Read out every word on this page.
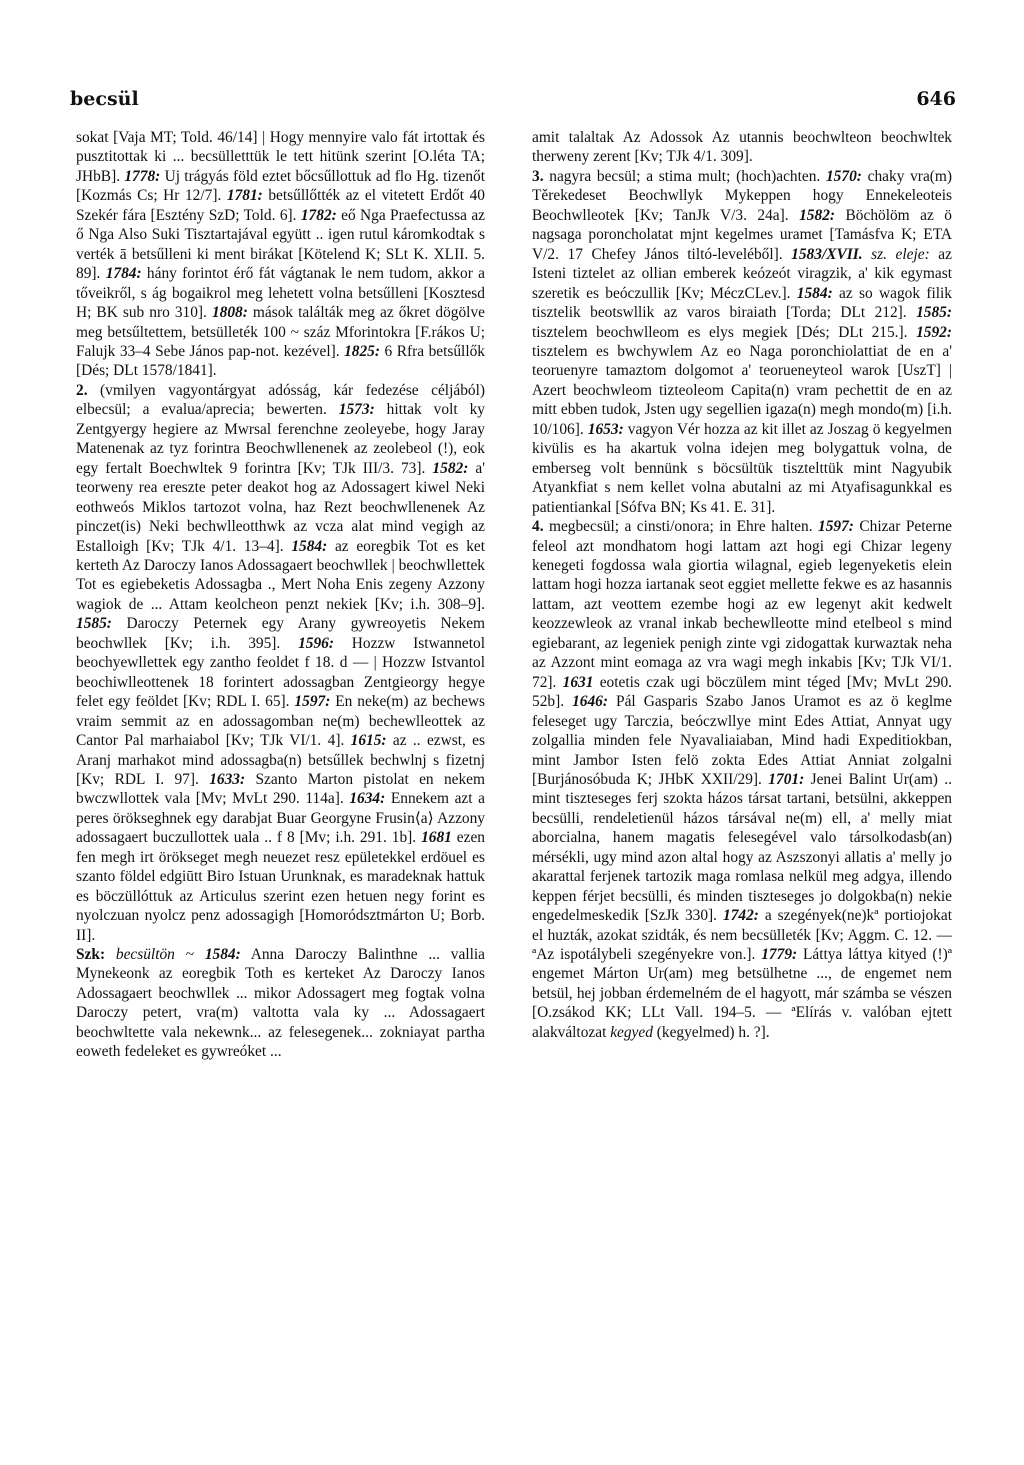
becsül	646

sokat [Vaja MT; Told. 46/14] | Hogy mennyire valo fát irtottak és pusztitottak ki ... becsülletttük le tett hitünk szerint [O.léta TA; JHbB]. 1778: Uj trágyás föld eztet bőcsűllottuk ad flo Hg. tizenőt [Kozmás Cs; Hr 12/7]. 1781: betsűllőtték az el vitetett Erdőt 40 Szekér fára [Esztény SzD; Told. 6]. 1782: eő Nga Praefectussa az ő Nga Also Suki Tisztartajával együtt .. igen rutul káromkodtak s verték ā betsűlleni ki ment birákat [Kötelend K; SLt K. XLII. 5. 89]. 1784: hány forintot érő fát vágtanak le nem tudom, akkor a tőveikről, s ág bogaikrol meg lehetett volna betsűlleni [Kosztesd H; BK sub nro 310]. 1808: mások találták meg az őkret dögölve meg betsűltettem, betsülleték 100 ~ száz Mforintokra [F.rákos U; Falujk 33–4 Sebe János pap-not. kezével]. 1825: 6 Rfra betsűllők [Dés; DLt 1578/1841].

2. (vmilyen vagyontárgyat adósság, kár fedezése céljából) elbecsül; a evalua/aprecia; bewerten. 1573: hittak volt ky Zentgyergy hegiere az Mwrsal ferenchne zeoleyebe, hogy Jaray Matenenak az tyz forintra Beochwllenenek az zeolebeol (!), eok egy fertalt Boechwltek 9 forintra [Kv; TJk III/3. 73]. 1582: a' teorweny rea ereszte peter deakot hog az Adossagert kiwel Neki eothweós Miklos tartozot volna, haz Rezt beochwllenenek Az pinczet(is) Neki bechwlleotthwk az vcza alat mind vegigh az Estalloigh [Kv; TJk 4/1. 13–4]. 1584: az eoregbik Tot es ket kerteth Az Daroczy Ianos Adossagaert beochwllek | beochwllettek Tot es egiebeketis Adossagba ., Mert Noha Enis zegeny Azzony wagiok de ... Attam keolcheon penzt nekiek [Kv; i.h. 308–9]. 1585: Daroczy Peternek egy Arany gywreoyetis Nekem beochwllek [Kv; i.h. 395]. 1596: Hozzw Istwannetol beochyewllettek egy zantho feoldet f 18. d — | Hozzw Istvantol beochiwlleottenek 18 forintert adossagban Zentgieorgy hegye felet egy feöldet [Kv; RDL I. 65]. 1597: En neke(m) az bechews vraim semmit az en adossagomban ne(m) bechewlleottek az Cantor Pal marhaiabol [Kv; TJk VI/1. 4]. 1615: az .. ezwst, es Aranj marhakot mind adossagba(n) betsűllek bechwlnj s fizetnj [Kv; RDL I. 97]. 1633: Szanto Marton pistolat en nekem bwczwllottek vala [Mv; MvLt 290. 114a]. 1634: Ennekem azt a peres örökseghnek egy darabjat Buar Georgyne Frusin⟨a⟩ Azzony adossagaert buczullottek uala .. f 8 [Mv; i.h. 291. 1b]. 1681 ezen fen megh irt örökseget megh neuezet resz epületekkel erdöuel es szanto földel edgiūtt Biro Istuan Urunknak, es maradeknak hattuk es böczüllóttuk az Articulus szerint ezen hetuen negy forint es nyolczuan nyolcz penz adossagigh [Homoródsztmárton U; Borb. II].

Szk: becsültön ~ 1584: Anna Daroczy Balinthne ... vallia Mynekeonk az eoregbik Toth es kerteket Az Daroczy Ianos Adossagaert beochwllek ... mikor Adossagert meg fogtak volna Daroczy petert, vra(m) valtotta vala ky ... Adossagaert beochwltette vala nekewnk... az felesegenek... zokniayat partha eoweth fedeleket es gywreóket ...

amit talaltak Az Adossok Az utannis beochwlteon beochwltek therweny zerent [Kv; TJk 4/1. 309].

3. nagyra becsül; a stima mult; (hoch)achten. 1570: chaky vra(m) Těrekedeset Beochwllyk Mykeppen hogy Ennekeleoteis Beochwlleotek [Kv; TanJk V/3. 24a]. 1582: Böchölöm az ö nagsaga poroncholatat mjnt kegelmes uramet [Tamásfva K; ETA V/2. 17 Chefey János tiltó-leveléből]. 1583/XVII. sz. eleje: az Isteni tiztelet az ollian emberek keózeót viragzik, a' kik egymast szeretik es beóczullik [Kv; MéczCLev.]. 1584: az so wagok filik tisztelik beotswllik az varos biraiath [Torda; DLt 212]. 1585: tisztelem beochwlleom es elys megiek [Dés; DLt 215.]. 1592: tisztelem es bwchywlem Az eo Naga poronchiolattiat de en a' teoruenyre tamaztom dolgomot a' teorueneyteol warok [UszT] | Azert beochwleom tizteoleom Capita(n) vram pechettit de en az mitt ebben tudok, Jsten ugy segellien igaza(n) megh mondo(m) [i.h. 10/106]. 1653: vagyon Vér hozza az kit illet az Joszag ö kegyelmen kivülis es ha akartuk volna idejen meg bolygattuk volna, de emberseg volt bennünk s böcsültük tisztelttük mint Nagyubik Atyankfiat s nem kellet volna abutalni az mi Atyafisagunkkal es patientiankal [Sófva BN; Ks 41. E. 31].

4. megbecsül; a cinsti/onora; in Ehre halten. 1597: Chizar Peterne feleol azt mondhatom hogi lattam azt hogi egi Chizar legeny kenegeti fogdossa wala giortia wilagnal, egieb legenyeketis elein lattam hogi hozza iartanak seot eggiet mellette fekwe es az hasannis lattam, azt veottem ezembe hogi az ew legenyt akit kedwelt keozzewleok az vranal inkab bechewlleotte mind etelbeol s mind egiebarant, az legeniek penigh zinte vgi zidogattak kurwaztak neha az Azzont mint eomaga az vra wagi megh inkabis [Kv; TJk VI/1. 72]. 1631 eotetis czak ugi böczülem mint téged [Mv; MvLt 290. 52b]. 1646: Pál Gasparis Szabo Janos Uramot es az ö keglme feleseget ugy Tarczia, beóczwllye mint Edes Attiat, Annyat ugy zolgallia minden fele Nyavaliaiaban, Mind hadi Expeditiokban, mint Jambor Isten felö zokta Edes Attiat Anniat zolgalni [Burjánosóbuda K; JHbK XXII/29]. 1701: Jenei Balint Ur(am) .. mint tiszteseges ferj szokta házos társat tartani, betsülni, akkeppen becsülli, rendeletienül házos társával ne(m) ell, a' melly miat aborcialna, hanem magatis felesegével valo társolkodasb(an) mérsékli, ugy mind azon altal hogy az Aszszonyi allatis a' melly jo akarattal ferjenek tartozik maga romlasa nelkül meg adgya, illendo keppen férjet becsülli, és minden tiszteseges jo dolgokba(n) nekie engedelmeskedik [SzJk 330]. 1742: a szegények(ne)kª portiojokat el huzták, azokat szidták, és nem becsülleték [Kv; Aggm. C. 12. — ªAz ispotálybeli szegényekre von.]. 1779: Láttya láttya kityed (!)ª engemet Márton Ur(am) meg betsülhetne ..., de engemet nem betsül, hej jobban érdemelném de el hagyott, már számba se vészen [O.zsákod KK; LLt Vall. 194–5. — ªElírás v. valóban ejtett alakváltozat kegyed (kegyelmed) h. ?].
